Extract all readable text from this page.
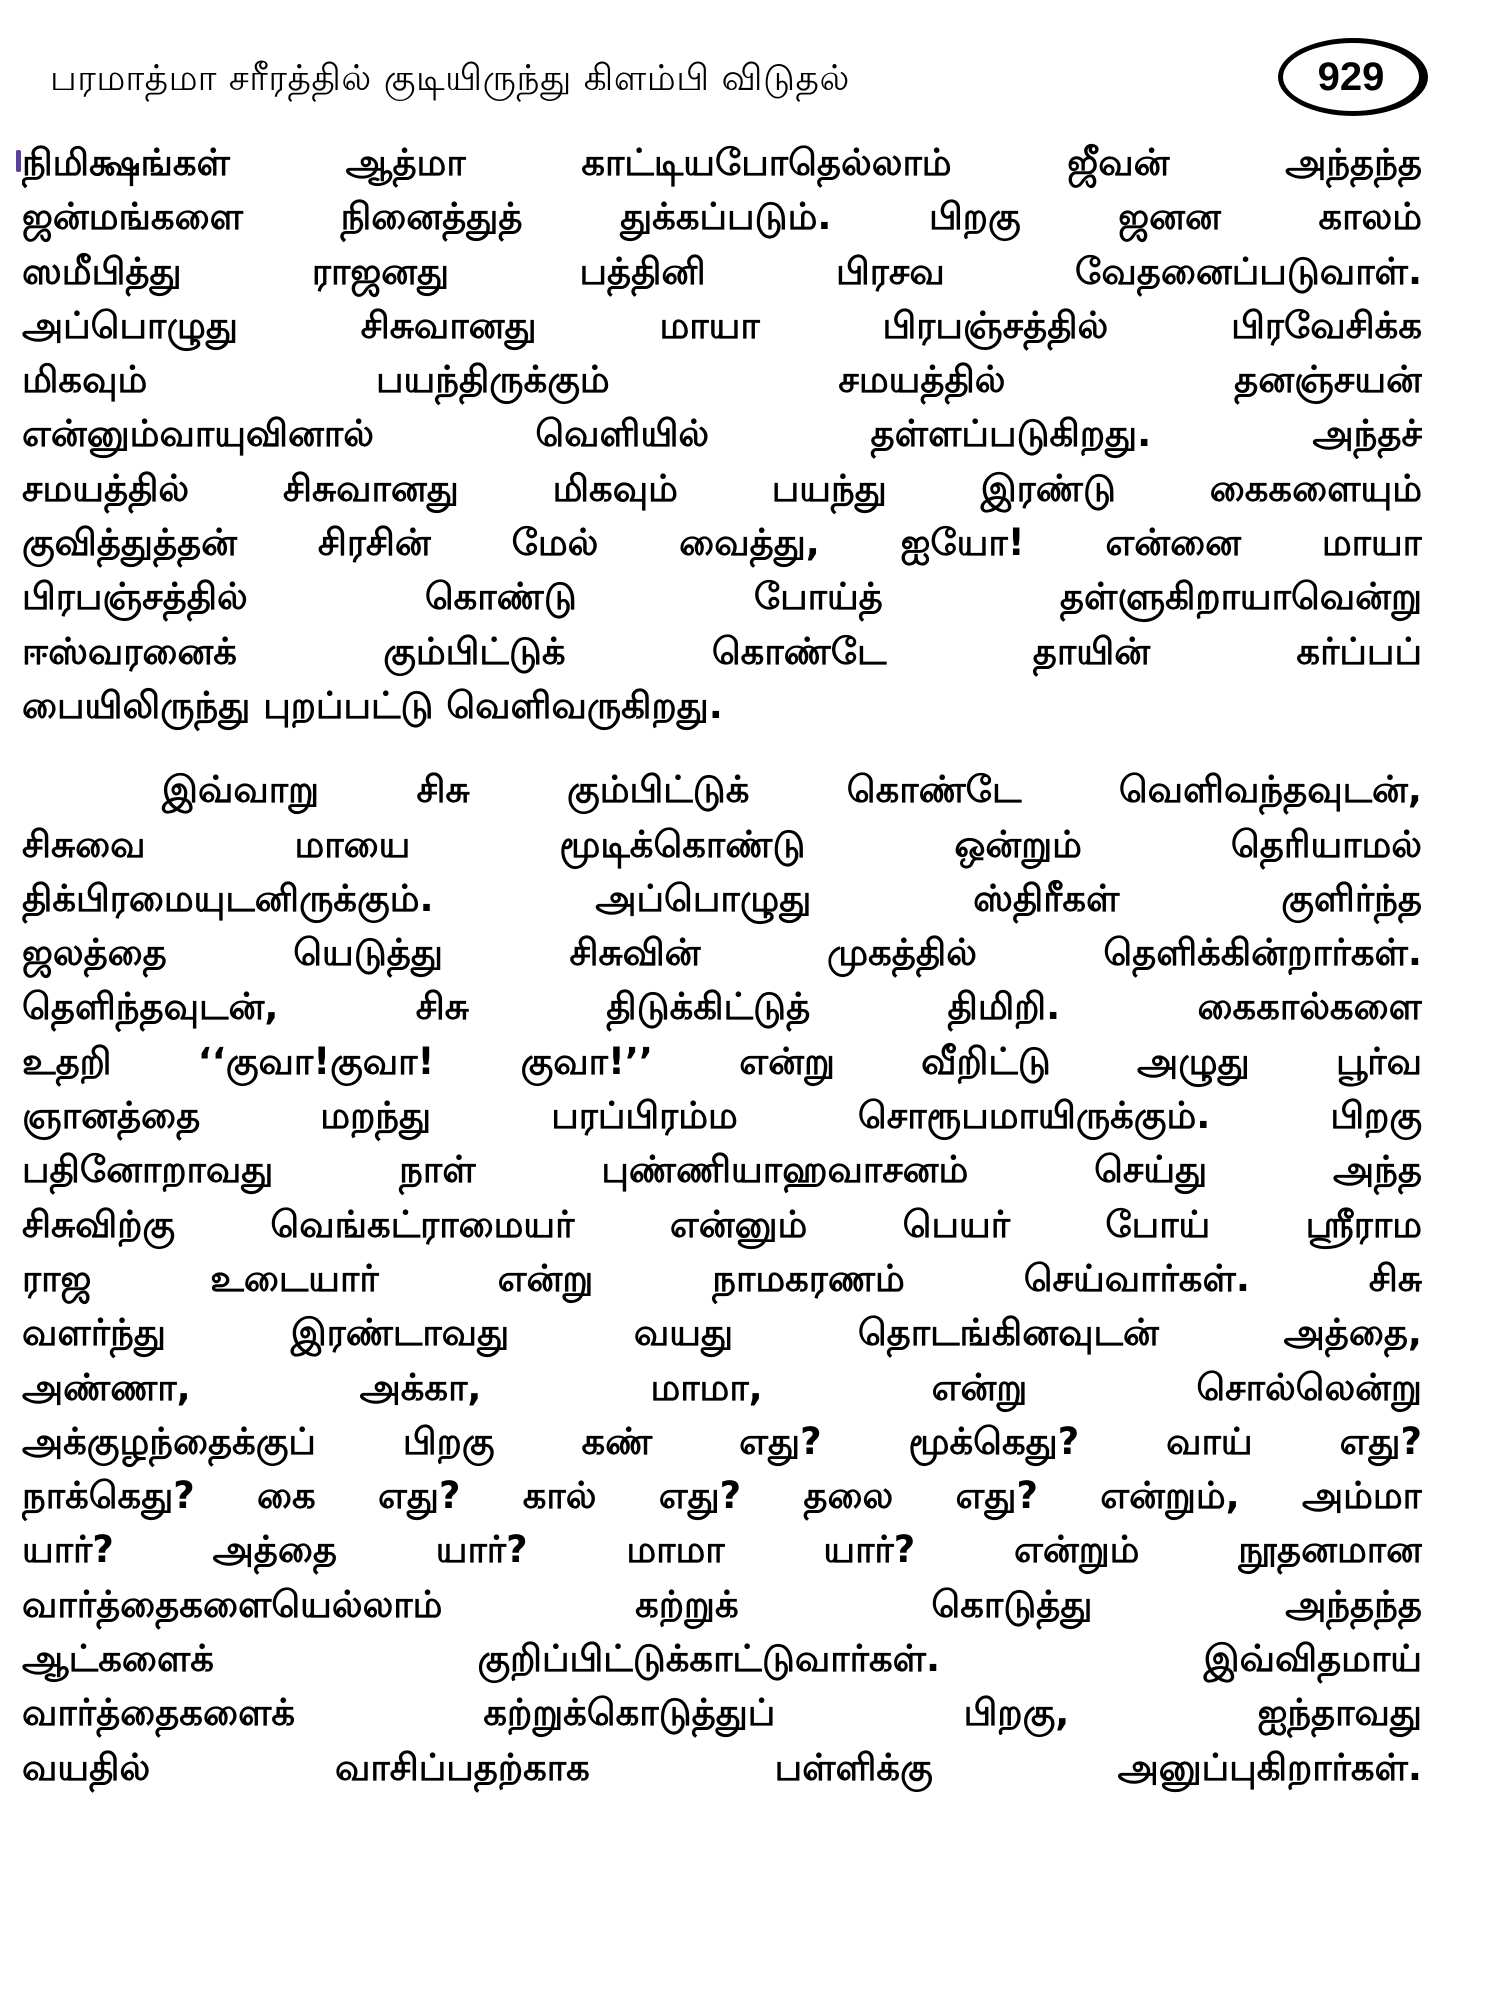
பரமாத்மா சரீரத்தில் குடியிருந்து கிளம்பி விடுதல்	929
நிமிக்ஷங்கள் ஆத்மா காட்டியபோதெல்லாம் ஜீவன் அந்தந்த
ஜன்மங்களை நினைத்துத் துக்கப்படும். பிறகு ஜனன காலம்
ஸமீபித்து ராஜனது பத்தினி பிரசவ வேதனைப்படுவாள்.
அப்பொழுது சிசுவானது மாயா பிரபஞ்சத்தில் பிரவேசிக்க
மிகவும் பயந்திருக்கும் சமயத்தில் தனஞ்சயன்
என்னும்வாயுவினால் வெளியில் தள்ளப்படுகிறது. அந்தச்
சமயத்தில் சிசுவானது மிகவும் பயந்து இரண்டு கைகளையும்
குவித்துத்தன் சிரசின் மேல் வைத்து, ஐயோ! என்னை மாயா
பிரபஞ்சத்தில் கொண்டு போய்த் தள்ளுகிறாயாவென்று
ஈஸ்வரனைக் கும்பிட்டுக் கொண்டே தாயின் கர்ப்பப்
பையிலிருந்து புறப்பட்டு வெளிவருகிறது.
இவ்வாறு சிசு கும்பிட்டுக் கொண்டே வெளிவந்தவுடன்,
சிசுவை மாயை மூடிக்கொண்டு ஒன்றும் தெரியாமல்
திக்பிரமையுடனிருக்கும். அப்பொழுது ஸ்திரீகள் குளிர்ந்த
ஜலத்தை யெடுத்து சிசுவின் முகத்தில் தெளிக்கின்றார்கள்.
தெளிந்தவுடன், சிசு திடுக்கிட்டுத் திமிறி. கைகால்களை
உதறி ‘‘குவா!குவா! குவா!’’ என்று வீறிட்டு அழுது பூர்வ
ஞானத்தை மறந்து பரப்பிரம்ம சொரூபமாயிருக்கும். பிறகு
பதினோறாவது நாள் புண்ணியாஹவாசனம் செய்து அந்த
சிசுவிற்கு வெங்கட்ராமையர் என்னும் பெயர் போய் ஸ்ரீராம
ராஜ உடையார் என்று நாமகரணம் செய்வார்கள். சிசு
வளர்ந்து இரண்டாவது வயது தொடங்கினவுடன் அத்தை,
அண்ணா, அக்கா, மாமா, என்று சொல்லென்று
அக்குழந்தைக்குப் பிறகு கண் எது? மூக்கெது? வாய் எது?
நாக்கெது? கை எது? கால் எது? தலை எது? என்றும், அம்மா
யார்? அத்தை யார்? மாமா யார்? என்றும் நூதனமான
வார்த்தைகளையெல்லாம் கற்றுக் கொடுத்து அந்தந்த
ஆட்களைக் குறிப்பிட்டுக்காட்டுவார்கள். இவ்விதமாய்
வார்த்தைகளைக் கற்றுக்கொடுத்துப் பிறகு, ஐந்தாவது
வயதில் வாசிப்பதற்காக பள்ளிக்கு அனுப்புகிறார்கள்.
